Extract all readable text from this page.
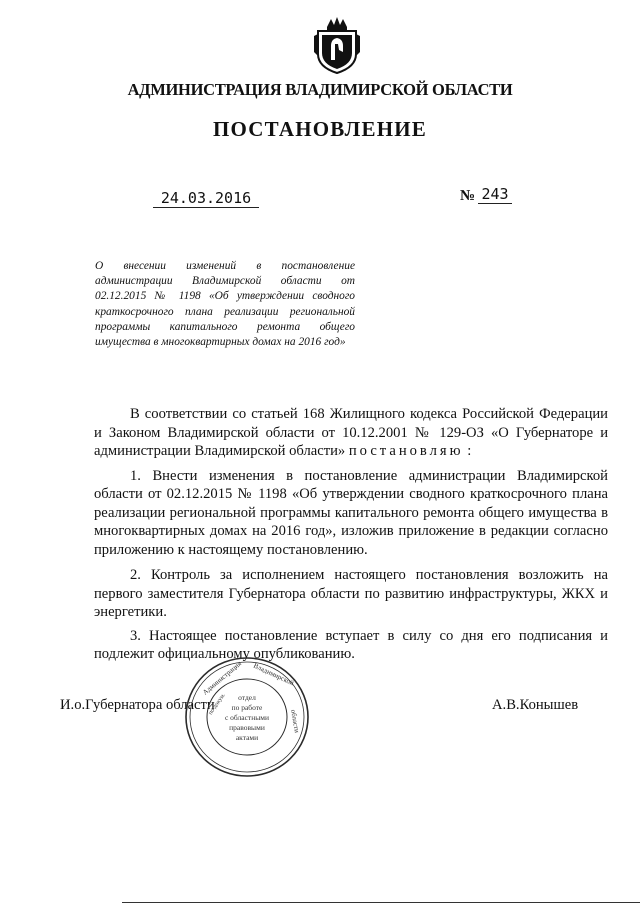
АДМИНИСТРАЦИЯ ВЛАДИМИРСКОЙ ОБЛАСТИ
ПОСТАНОВЛЕНИЕ
24.03.2016	№ 243
О внесении изменений в постановление администрации Владимирской области от 02.12.2015 № 1198 «Об утверждении сводного краткосрочного плана реализации региональной программы капитального ремонта общего имущества в многоквартирных домах на 2016 год»

В соответствии со статьей 168 Жилищного кодекса Российской Федерации и Законом Владимирской области от 10.12.2001 № 129-ОЗ «О Губернаторе и администрации Владимирской области» постановляю :

1. Внести изменения в постановление администрации Владимирской области от 02.12.2015 № 1198 «Об утверждении сводного краткосрочного плана реализации региональной программы капитального ремонта общего имущества в многоквартирных домах на 2016 год», изложив приложение в редакции согласно приложению к настоящему постановлению.

2. Контроль за исполнением настоящего постановления возложить на первого заместителя Губернатора области по развитию инфраструктуры, ЖКХ и энергетики.

3. Настоящее постановление вступает в силу со дня его подписания и подлежит официальному опубликованию.

И.о.Губернатора области	А.В.Конышев
отдел
по работе
с областными
правовыми
актами
Администрация Владимирской
области
по докум.
